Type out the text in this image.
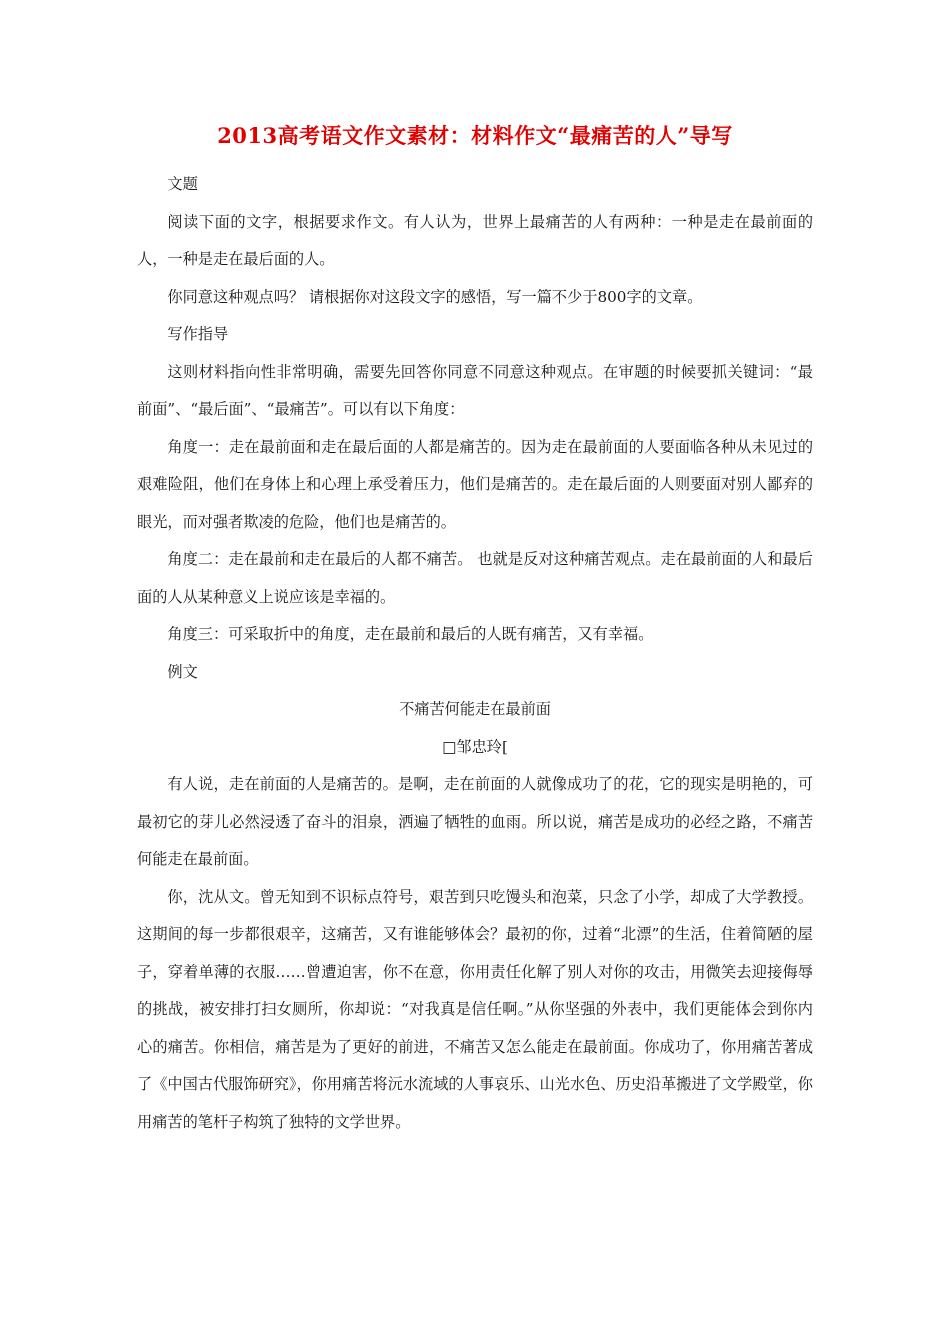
2013高考语文作文素材：材料作文“最痛苦的人”导写

文题

阅读下面的文字，根据要求作文。有人认为，世界上最痛苦的人有两种：一种是走在最前面的人，一种是走在最后面的人。

你同意这种观点吗？ 请根据你对这段文字的感悟，写一篇不少于800字的文章。

写作指导

这则材料指向性非常明确，需要先回答你同意不同意这种观点。在审题的时候要抓关键词：“最前面”、“最后面”、“最痛苦”。可以有以下角度：

角度一：走在最前面和走在最后面的人都是痛苦的。因为走在最前面的人要面临各种从未见过的艰难险阻，他们在身体上和心理上承受着压力，他们是痛苦的。走在最后面的人则要面对别人鄙弃的眼光，而对强者欺凌的危险，他们也是痛苦的。

角度二：走在最前和走在最后的人都不痛苦。 也就是反对这种痛苦观点。走在最前面的人和最后面的人从某种意义上说应该是幸福的。

角度三：可采取折中的角度，走在最前和最后的人既有痛苦，又有幸福。

例文

不痛苦何能走在最前面

□邹忠玲[

有人说，走在前面的人是痛苦的。是啊，走在前面的人就像成功了的花，它的现实是明艳的，可最初它的芽儿必然浸透了奋斗的泪泉，洒遍了牺牲的血雨。所以说，痛苦是成功的必经之路，不痛苦何能走在最前面。

你，沈从文。曾无知到不识标点符号，艰苦到只吃馒头和泡菜，只念了小学，却成了大学教授。这期间的每一步都很艰辛，这痛苦，又有谁能够体会？最初的你，过着“北漂”的生活，住着简陋的屋子，穿着单薄的衣服……曾遭迫害，你不在意，你用责任化解了别人对你的攻击，用微笑去迎接侮辱的挑战，被安排打扫女厕所，你却说：“对我真是信任啊。”从你坚强的外表中，我们更能体会到你内心的痛苦。你相信，痛苦是为了更好的前进，不痛苦又怎么能走在最前面。你成功了，你用痛苦著成了《中国古代服饰研究》，你用痛苦将沅水流域的人事哀乐、山光水色、历史沿革搬进了文学殿堂，你用痛苦的笔杆子构筑了独特的文学世界。
